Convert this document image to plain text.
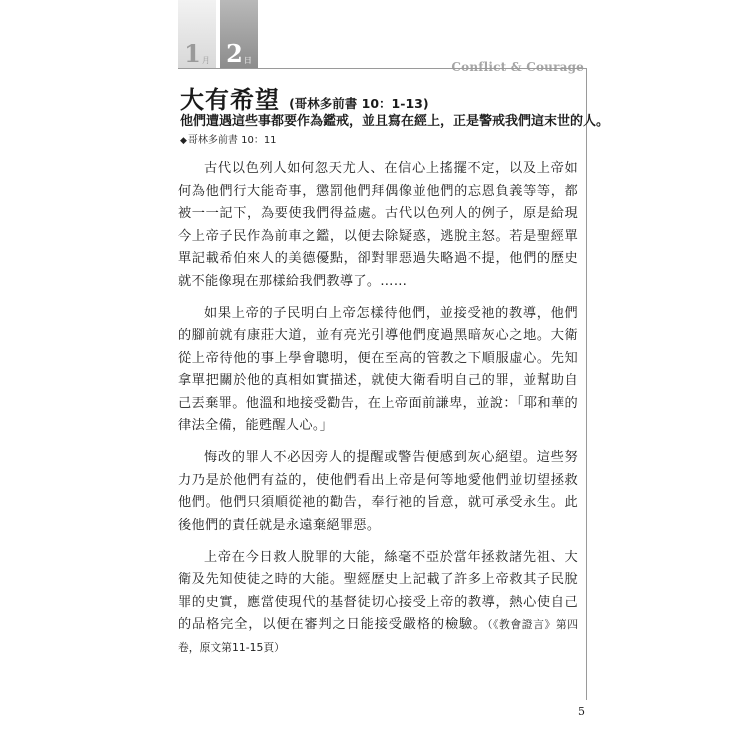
1 月 2 日	Conflict & Courage
大有希望 (哥林多前書 10：1-13)
他們遭遇這些事都要作為鑑戒，並且寫在經上，正是警戒我們這末世的人。
◆哥林多前書 10：11

古代以色列人如何忽天尤人、在信心上搖擺不定，以及上帝如何為他們行大能奇事，懲罰他們拜偶像並他們的忘恩負義等等，都被一一記下，為要使我們得益處。古代以色列人的例子，原是給現今上帝子民作為前車之鑑，以便去除疑惑，逃脫主怒。若是聖經單單記載希伯來人的美德優點，卻對罪惡過失略過不提，他們的歷史就不能像現在那樣給我們教導了。……

如果上帝的子民明白上帝怎樣待他們，並接受祂的教導，他們的腳前就有康莊大道，並有亮光引導他們度過黑暗灰心之地。大衛從上帝待他的事上學會聰明，便在至高的管教之下順服虛心。先知拿單把關於他的真相如實描述，就使大衛看明自己的罪，並幫助自己丟棄罪。他溫和地接受勸告，在上帝面前謙卑，並說：「耶和華的律法全備，能甦醒人心。」

悔改的罪人不必因旁人的提醒或警告便感到灰心絕望。這些努力乃是於他們有益的，使他們看出上帝是何等地愛他們並切望拯救他們。他們只須順從祂的勸告，奉行祂的旨意，就可承受永生。此後他們的責任就是永遠棄絕罪惡。

上帝在今日救人脫罪的大能，絲毫不亞於當年拯救諸先祖、大衛及先知使徒之時的大能。聖經歷史上記載了許多上帝救其子民脫罪的史實，應當使現代的基督徒切心接受上帝的教導，熱心使自己的品格完全，以便在審判之日能接受嚴格的檢驗。（《教會證言》第四卷，原文第11-15頁）

5
